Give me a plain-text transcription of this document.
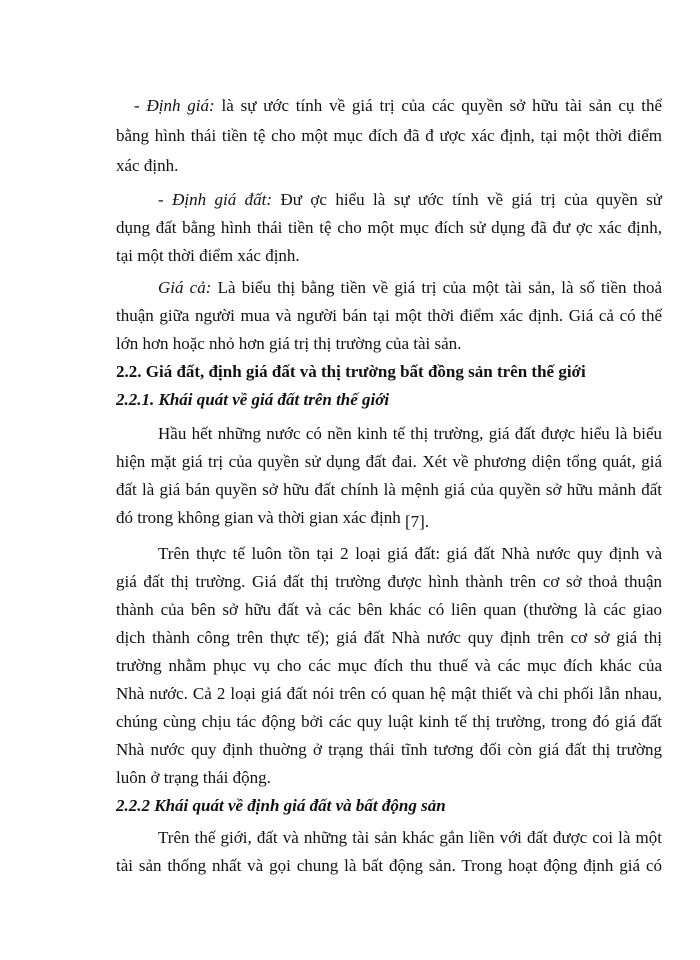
- Định giá: là sự ước tính về giá trị của các quyền sở hữu tài sản cụ thể
bằng hình thái tiền tệ cho một mục đích đã đ ược xác định, tại một thời điểm
xác định.
- Định giá đất: Đư ợc hiểu là sự ước tính về giá trị của quyền sử
dụng đất bằng hình thái tiền tệ cho một mục đích sử dụng đã đư ợc xác định,
tại một thời điểm xác định.
Giá cả: Là biểu thị bằng tiền về giá trị của một tài sản, là số tiền thoả
thuận giữa người mua và người bán tại một thời điểm xác định. Giá cả có thể
lớn hơn hoặc nhỏ hơn giá trị thị trường của tài sản.
2.2. Giá đất, định giá đất và thị trường bất đồng sản trên thế giới
2.2.1. Khái quát về giá đất trên thế giới
Hầu hết những nước có nền kinh tế thị trường, giá đất được hiểu là biểu
hiện mặt giá trị của quyền sử dụng đất đai. Xét về phương diện tổng quát, giá
đất là giá bán quyền sở hữu đất chính là mệnh giá của quyền sở hữu mảnh đất
đó trong không gian và thời gian xác định [7].
Trên thực tế luôn tồn tại 2 loại giá đất: giá đất Nhà nước quy định và
giá đất thị trường. Giá đất thị trường được hình thành trên cơ sở thoả thuận
thành của bên sở hữu đất và các bên khác có liên quan (thường là các giao
dịch thành công trên thực tế); giá đất Nhà nước quy định trên cơ sở giá thị
trường nhằm phục vụ cho các mục đích thu thuế và các mục đích khác của
Nhà nước. Cả 2 loại giá đất nói trên có quan hệ mật thiết và chi phối lẫn nhau,
chúng cùng chịu tác động bởi các quy luật kinh tế thị trường, trong đó giá đất
Nhà nước quy định thuờng ở trạng thái tĩnh tương đối còn giá đất thị trường
luôn ở trạng thái động.
2.2.2 Khái quát về định giá đất và bất động sản
Trên thế giới, đất và những tài sản khác gắn liền với đất được coi là một
tài sản thống nhất và gọi chung là bất động sản. Trong hoạt động định giá có
